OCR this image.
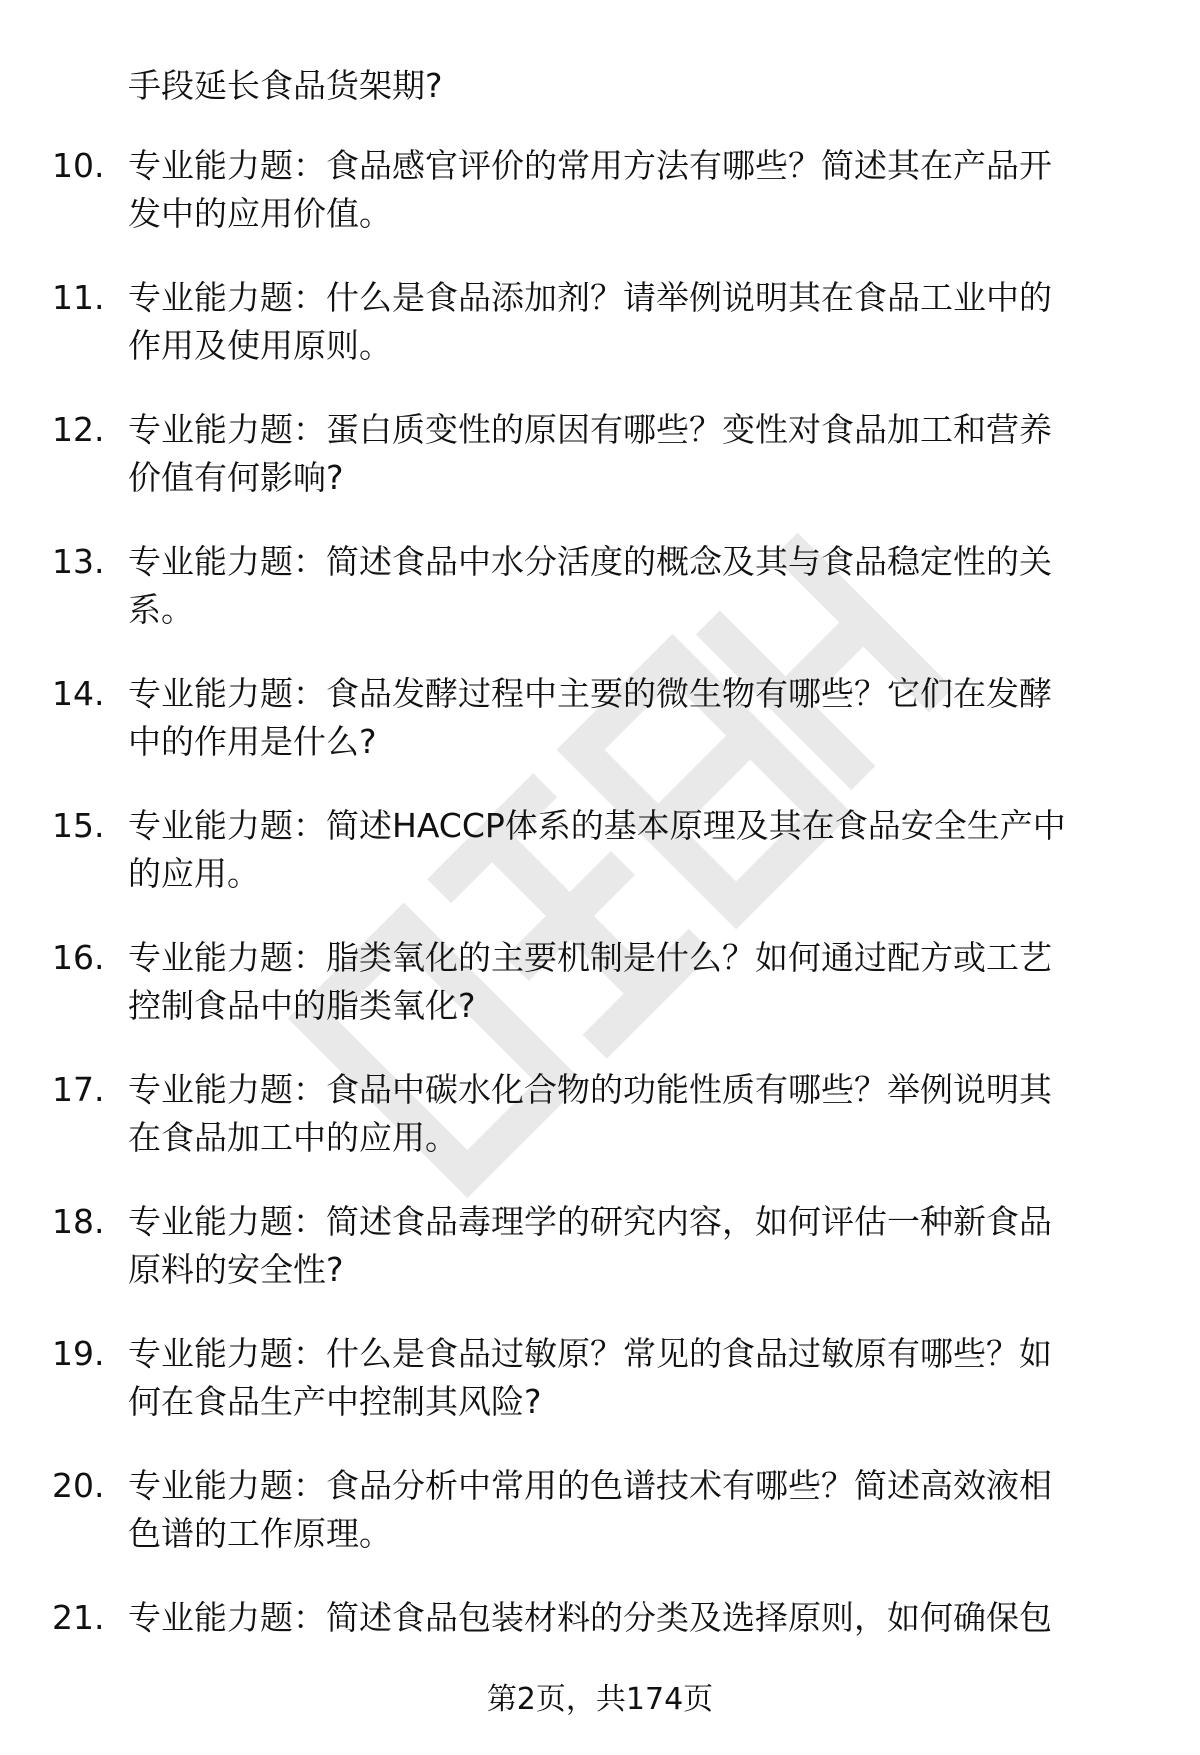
手段延长食品货架期?
10. 专业能力题：食品感官评价的常用方法有哪些？简述其在产品开
发中的应用价值。
11. 专业能力题：什么是食品添加剂？请举例说明其在食品工业中的
作用及使用原则。
12. 专业能力题：蛋白质变性的原因有哪些？变性对食品加工和营养
价值有何影响?
13. 专业能力题：简述食品中水分活度的概念及其与食品稳定性的关
系。
14. 专业能力题：食品发酵过程中主要的微生物有哪些？它们在发酵
中的作用是什么?
15. 专业能力题：简述HACCP体系的基本原理及其在食品安全生产中
的应用。
16. 专业能力题：脂类氧化的主要机制是什么？如何通过配方或工艺
控制食品中的脂类氧化?
17. 专业能力题：食品中碳水化合物的功能性质有哪些？举例说明其
在食品加工中的应用。
18. 专业能力题：简述食品毒理学的研究内容，如何评估一种新食品
原料的安全性?
19. 专业能力题：什么是食品过敏原？常见的食品过敏原有哪些？如
何在食品生产中控制其风险?
20. 专业能力题：食品分析中常用的色谱技术有哪些？简述高效液相
色谱的工作原理。
21. 专业能力题：简述食品包装材料的分类及选择原则，如何确保包
第2页，共174页
